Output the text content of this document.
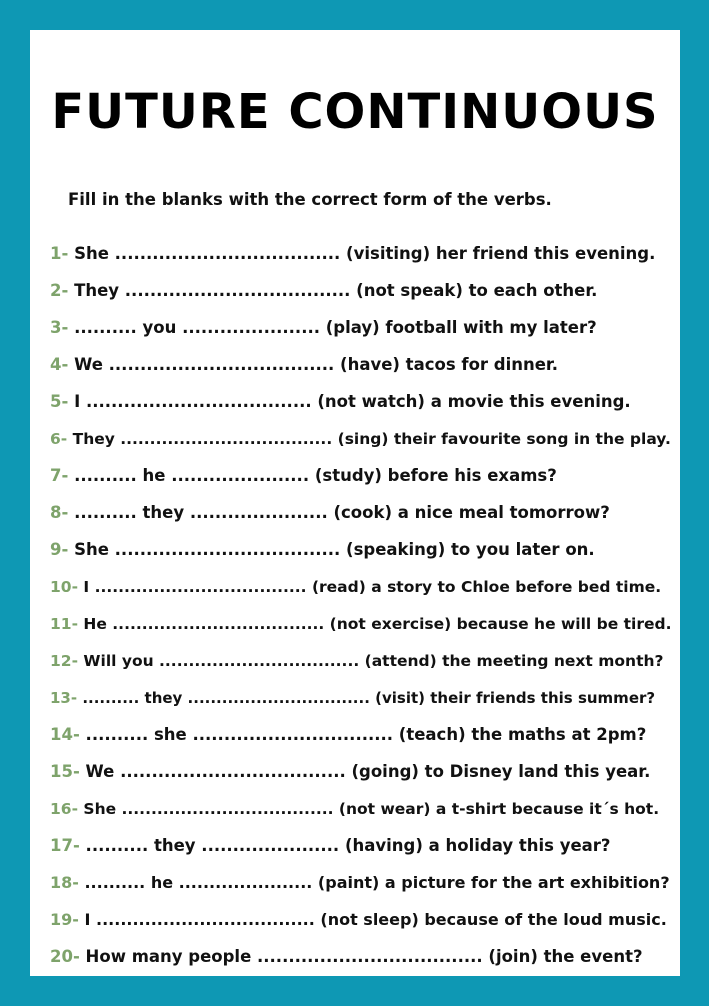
FUTURE CONTINUOUS
Fill in the blanks with the correct form of the verbs.
1- She .................................... (visiting) her friend this evening.
2- They .................................... (not speak) to each other.
3- .......... you ...................... (play) football with my later?
4- We .................................... (have) tacos for dinner.
5- I .................................... (not watch) a movie this evening.
6- They .................................... (sing) their favourite song in the play.
7- .......... he ...................... (study) before his exams?
8- .......... they ...................... (cook) a nice meal tomorrow?
9- She .................................... (speaking) to you later on.
10- I .................................... (read) a story to Chloe before bed time.
11- He .................................... (not exercise) because he will be tired.
12- Will you .................................. (attend) the meeting next month?
13- .......... they ................................ (visit) their friends this summer?
14- .......... she ................................ (teach) the maths at 2pm?
15- We .................................... (going) to Disney land this year.
16- She .................................... (not wear) a t-shirt because it´s hot.
17- .......... they ...................... (having) a holiday this year?
18- .......... he ...................... (paint) a picture for the art exhibition?
19- I .................................... (not sleep) because of the loud music.
20- How many people .................................... (join) the event?
